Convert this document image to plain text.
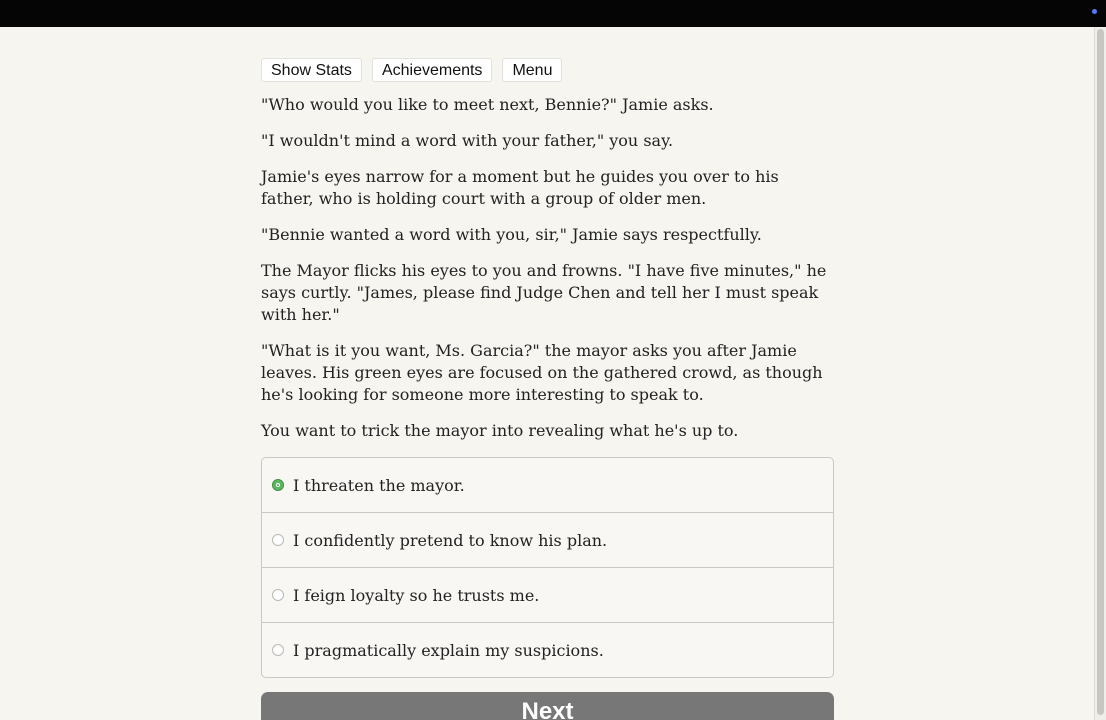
Show Stats	Achievements	Menu

"Who would you like to meet next, Bennie?" Jamie asks.

"I wouldn't mind a word with your father," you say.

Jamie's eyes narrow for a moment but he guides you over to his father, who is holding court with a group of older men.

"Bennie wanted a word with you, sir," Jamie says respectfully.

The Mayor flicks his eyes to you and frowns. "I have five minutes," he says curtly. "James, please find Judge Chen and tell her I must speak with her."

"What is it you want, Ms. Garcia?" the mayor asks you after Jamie leaves. His green eyes are focused on the gathered crowd, as though he's looking for someone more interesting to speak to.

You want to trick the mayor into revealing what he's up to.

I threaten the mayor.
I confidently pretend to know his plan.
I feign loyalty so he trusts me.
I pragmatically explain my suspicions.
Next
